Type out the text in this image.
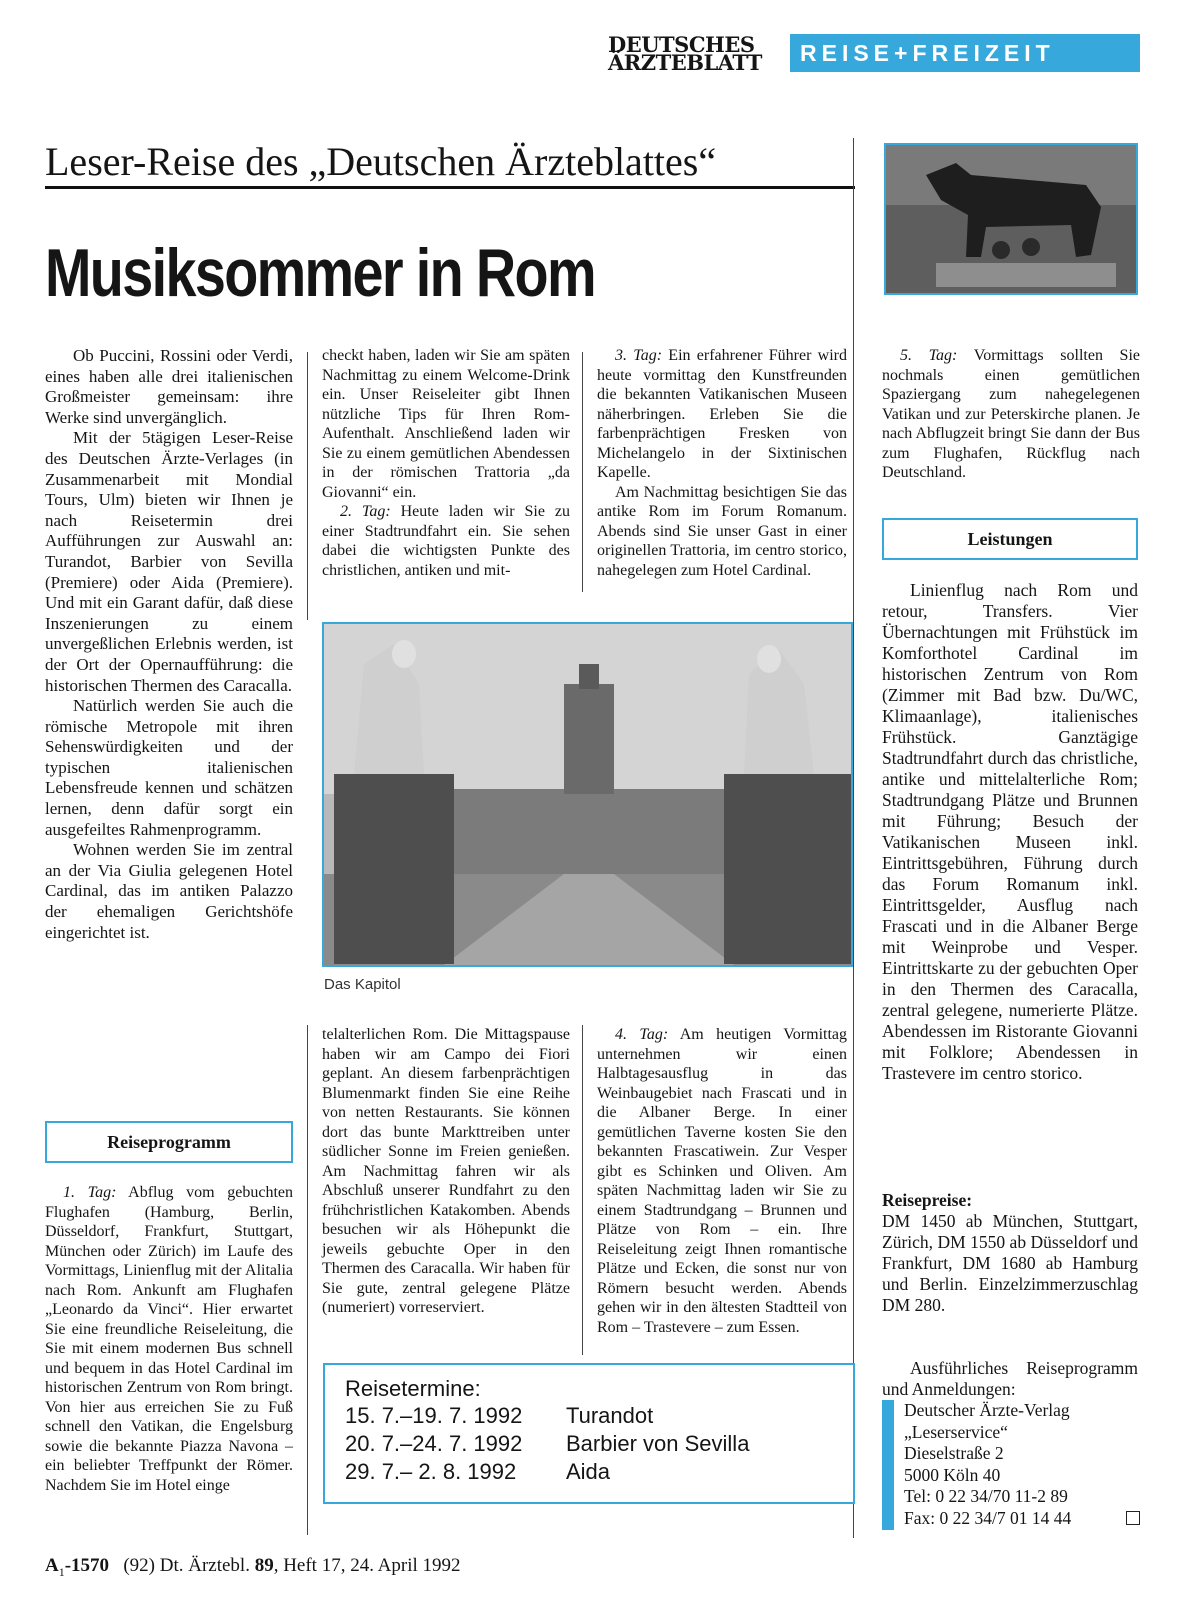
DEUTSCHES
ÄRZTEBLATT	REISE+FREIZEIT
Leser-Reise des „Deutschen Ärzteblattes“
Musiksommer in Rom

Ob Puccini, Rossini oder Verdi, eines haben alle drei italienischen Großmeister gemeinsam: ihre Werke sind unvergänglich.

Mit der 5tägigen Leser-Reise des Deutschen Ärzte-Verlages (in Zusammenarbeit mit Mondial Tours, Ulm) bieten wir Ihnen je nach Reisetermin drei Aufführungen zur Auswahl an: Turandot, Barbier von Sevilla (Premiere) oder Aida (Premiere). Und mit ein Garant dafür, daß diese Inszenierungen zu einem unvergeßlichen Erlebnis werden, ist der Ort der Opernaufführung: die historischen Thermen des Caracalla.

Natürlich werden Sie auch die römische Metropole mit ihren Sehenswürdigkeiten und der typischen italienischen Lebensfreude kennen und schätzen lernen, denn dafür sorgt ein ausgefeiltes Rahmenprogramm.

Wohnen werden Sie im zentral an der Via Giulia gelegenen Hotel Cardinal, das im antiken Palazzo der ehemaligen Gerichtshöfe eingerichtet ist.

Reiseprogramm

1. Tag: Abflug vom gebuchten Flughafen (Hamburg, Berlin, Düsseldorf, Frankfurt, Stuttgart, München oder Zürich) im Laufe des Vormittags, Linienflug mit der Alitalia nach Rom. Ankunft am Flughafen „Leonardo da Vinci“. Hier erwartet Sie eine freundliche Reiseleitung, die Sie mit einem modernen Bus schnell und bequem in das Hotel Cardinal im historischen Zentrum von Rom bringt. Von hier aus erreichen Sie zu Fuß schnell den Vatikan, die Engelsburg sowie die bekannte Piazza Navona – ein beliebter Treffpunkt der Römer. Nachdem Sie im Hotel einge

checkt haben, laden wir Sie am späten Nachmittag zu einem Welcome-Drink ein. Unser Reiseleiter gibt Ihnen nützliche Tips für Ihren Rom-Aufenthalt. Anschließend laden wir Sie zu einem gemütlichen Abendessen in der römischen Trattoria „da Giovanni“ ein.

2. Tag: Heute laden wir Sie zu einer Stadtrundfahrt ein. Sie sehen dabei die wichtigsten Punkte des christlichen, antiken und mit-

3. Tag: Ein erfahrener Führer wird heute vormittag den Kunstfreunden die bekannten Vatikanischen Museen näherbringen. Erleben Sie die farbenprächtigen Fresken von Michelangelo in der Sixtinischen Kapelle.

Am Nachmittag besichtigen Sie das antike Rom im Forum Romanum. Abends sind Sie unser Gast in einer originellen Trattoria, im centro storico, nahegelegen zum Hotel Cardinal.

Das Kapitol

telalterlichen Rom. Die Mittagspause haben wir am Campo dei Fiori geplant. An diesem farbenprächtigen Blumenmarkt finden Sie eine Reihe von netten Restaurants. Sie können dort das bunte Markttreiben unter südlicher Sonne im Freien genießen. Am Nachmittag fahren wir als Abschluß unserer Rundfahrt zu den frühchristlichen Katakomben. Abends besuchen wir als Höhepunkt die jeweils gebuchte Oper in den Thermen des Caracalla. Wir haben für Sie gute, zentral gelegene Plätze (numeriert) vorreserviert.

4. Tag: Am heutigen Vormittag unternehmen wir einen Halbtagesausflug in das Weinbaugebiet nach Frascati und in die Albaner Berge. In einer gemütlichen Taverne kosten Sie den bekannten Frascatiwein. Zur Vesper gibt es Schinken und Oliven. Am späten Nachmittag laden wir Sie zu einem Stadtrundgang – Brunnen und Plätze von Rom – ein. Ihre Reiseleitung zeigt Ihnen romantische Plätze und Ecken, die sonst nur von Römern besucht werden. Abends gehen wir in den ältesten Stadtteil von Rom – Trastevere – zum Essen.

Reisetermine:
15. 7.–19. 7. 1992	Turandot
20. 7.–24. 7. 1992	Barbier von Sevilla
29. 7.– 2. 8. 1992	Aida

5. Tag: Vormittags sollten Sie nochmals einen gemütlichen Spaziergang zum nahegelegenen Vatikan und zur Peterskirche planen. Je nach Abflugzeit bringt Sie dann der Bus zum Flughafen, Rückflug nach Deutschland.

Leistungen

Linienflug nach Rom und retour, Transfers. Vier Übernachtungen mit Frühstück im Komforthotel Cardinal im historischen Zentrum von Rom (Zimmer mit Bad bzw. Du/WC, Klimaanlage), italienisches Frühstück. Ganztägige Stadtrundfahrt durch das christliche, antike und mittelalterliche Rom; Stadtrundgang Plätze und Brunnen mit Führung; Besuch der Vatikanischen Museen inkl. Eintrittsgebühren, Führung durch das Forum Romanum inkl. Eintrittsgelder, Ausflug nach Frascati und in die Albaner Berge mit Weinprobe und Vesper. Eintrittskarte zu der gebuchten Oper in den Thermen des Caracalla, zentral gelegene, numerierte Plätze. Abendessen im Ristorante Giovanni mit Folklore; Abendessen in Trastevere im centro storico.

Reisepreise:

DM 1450 ab München, Stuttgart, Zürich, DM 1550 ab Düsseldorf und Frankfurt, DM 1680 ab Hamburg und Berlin. Einzelzimmerzuschlag DM 280.

Ausführliches Reiseprogramm und Anmeldungen:

Deutscher Ärzte-Verlag
„Leserservice“
Dieselstraße 2
5000 Köln 40
Tel: 0 22 34/70 11-2 89
Fax: 0 22 34/7 01 14 44
$A_1-1570$ (92) Dt. Ärztebl. 89, Heft 17, 24. April 1992
